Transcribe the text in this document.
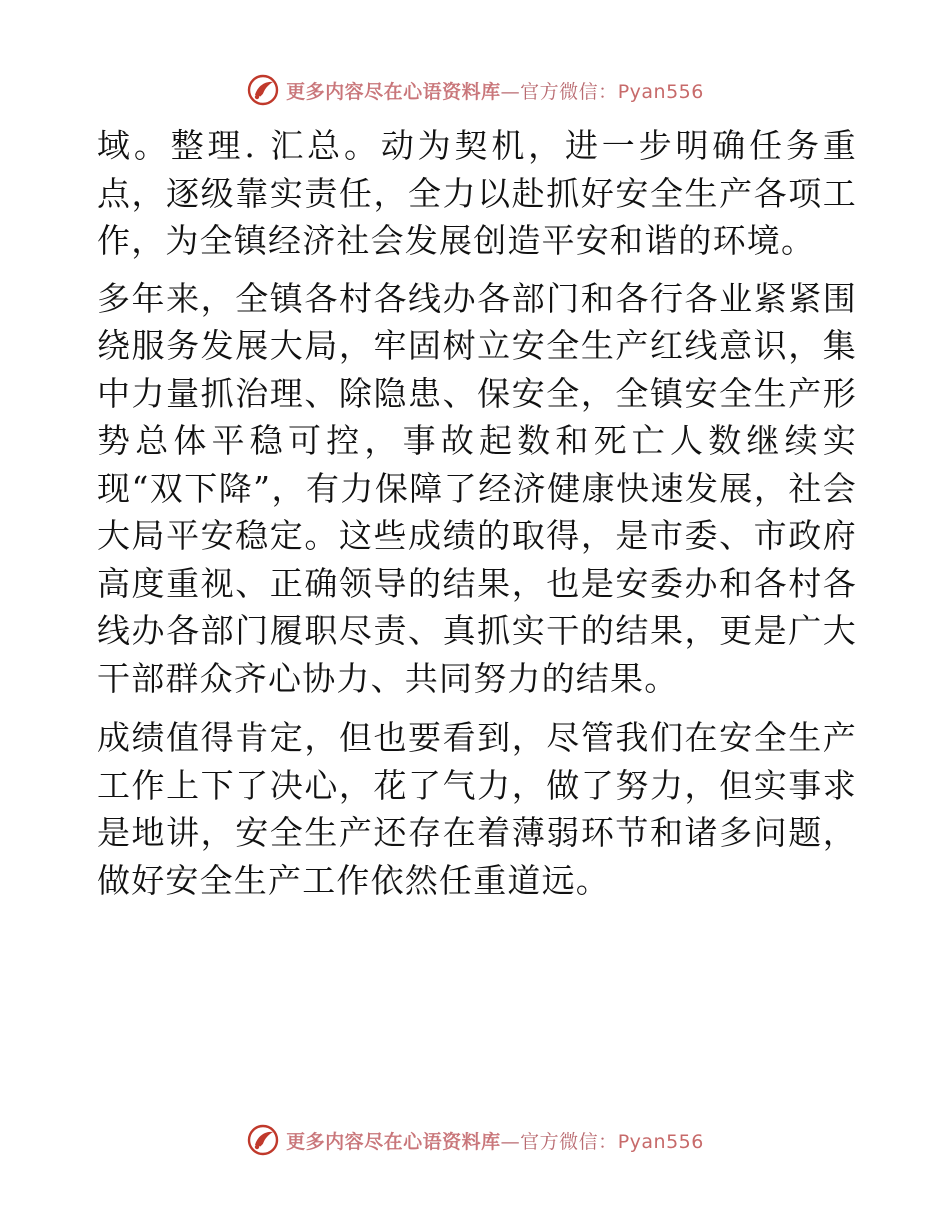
更多内容尽在心语资料库—官方微信：Pyan556

域。整理. 汇总。动为契机，进一步明确任务重点，逐级靠实责任，全力以赴抓好安全生产各项工作，为全镇经济社会发展创造平安和谐的环境。

多年来，全镇各村各线办各部门和各行各业紧紧围绕服务发展大局，牢固树立安全生产红线意识，集中力量抓治理、除隐患、保安全，全镇安全生产形势总体平稳可控，事故起数和死亡人数继续实现“双下降”，有力保障了经济健康快速发展，社会大局平安稳定。这些成绩的取得，是市委、市政府高度重视、正确领导的结果，也是安委办和各村各线办各部门履职尽责、真抓实干的结果，更是广大干部群众齐心协力、共同努力的结果。

成绩值得肯定，但也要看到，尽管我们在安全生产工作上下了决心，花了气力，做了努力，但实事求是地讲，安全生产还存在着薄弱环节和诸多问题，做好安全生产工作依然任重道远。

更多内容尽在心语资料库—官方微信：Pyan556
